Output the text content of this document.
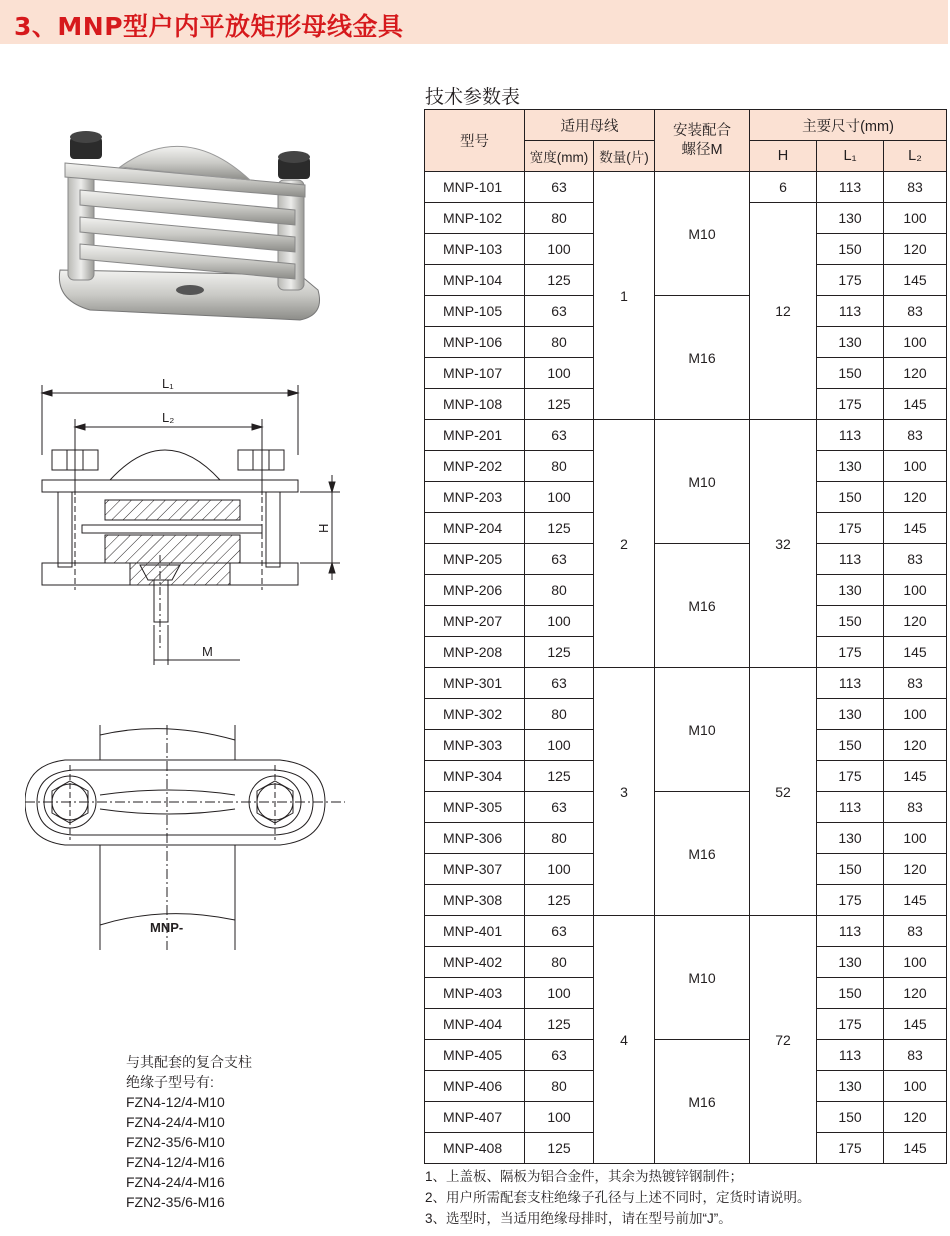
3、MNP型户内平放矩形母线金具
L₁
L₂
H
M
MNP-
与其配套的复合支柱
绝缘子型号有:
FZN4-12/4-M10
FZN4-24/4-M10
FZN2-35/6-M10
FZN4-12/4-M16
FZN4-24/4-M16
FZN2-35/6-M16
技术参数表
型号	适用母线		安装配合螺径M	主要尺寸(mm)		
	宽度(mm)	数量(片)		H	L₁	L₂
MNP-101	63	1	M10	6	113	83
MNP-102	80			12	130	100
MNP-103	100				150	120
MNP-104	125				175	145
MNP-105	63		M16		113	83
MNP-106	80				130	100
MNP-107	100				150	120
MNP-108	125				175	145
MNP-201	63	2	M10	32	113	83
MNP-202	80				130	100
MNP-203	100				150	120
MNP-204	125				175	145
MNP-205	63		M16		113	83
MNP-206	80				130	100
MNP-207	100				150	120
MNP-208	125				175	145
MNP-301	63	3	M10	52	113	83
MNP-302	80				130	100
MNP-303	100				150	120
MNP-304	125				175	145
MNP-305	63		M16		113	83
MNP-306	80				130	100
MNP-307	100				150	120
MNP-308	125				175	145
MNP-401	63	4	M10	72	113	83
MNP-402	80				130	100
MNP-403	100				150	120
MNP-404	125				175	145
MNP-405	63		M16		113	83
MNP-406	80				130	100
MNP-407	100				150	120
MNP-408	125				175	145
1、上盖板、隔板为铝合金件，其余为热镀锌钢制件；
2、用户所需配套支柱绝缘子孔径与上述不同时，定货时请说明。
3、选型时，当适用绝缘母排时，请在型号前加“J”。
